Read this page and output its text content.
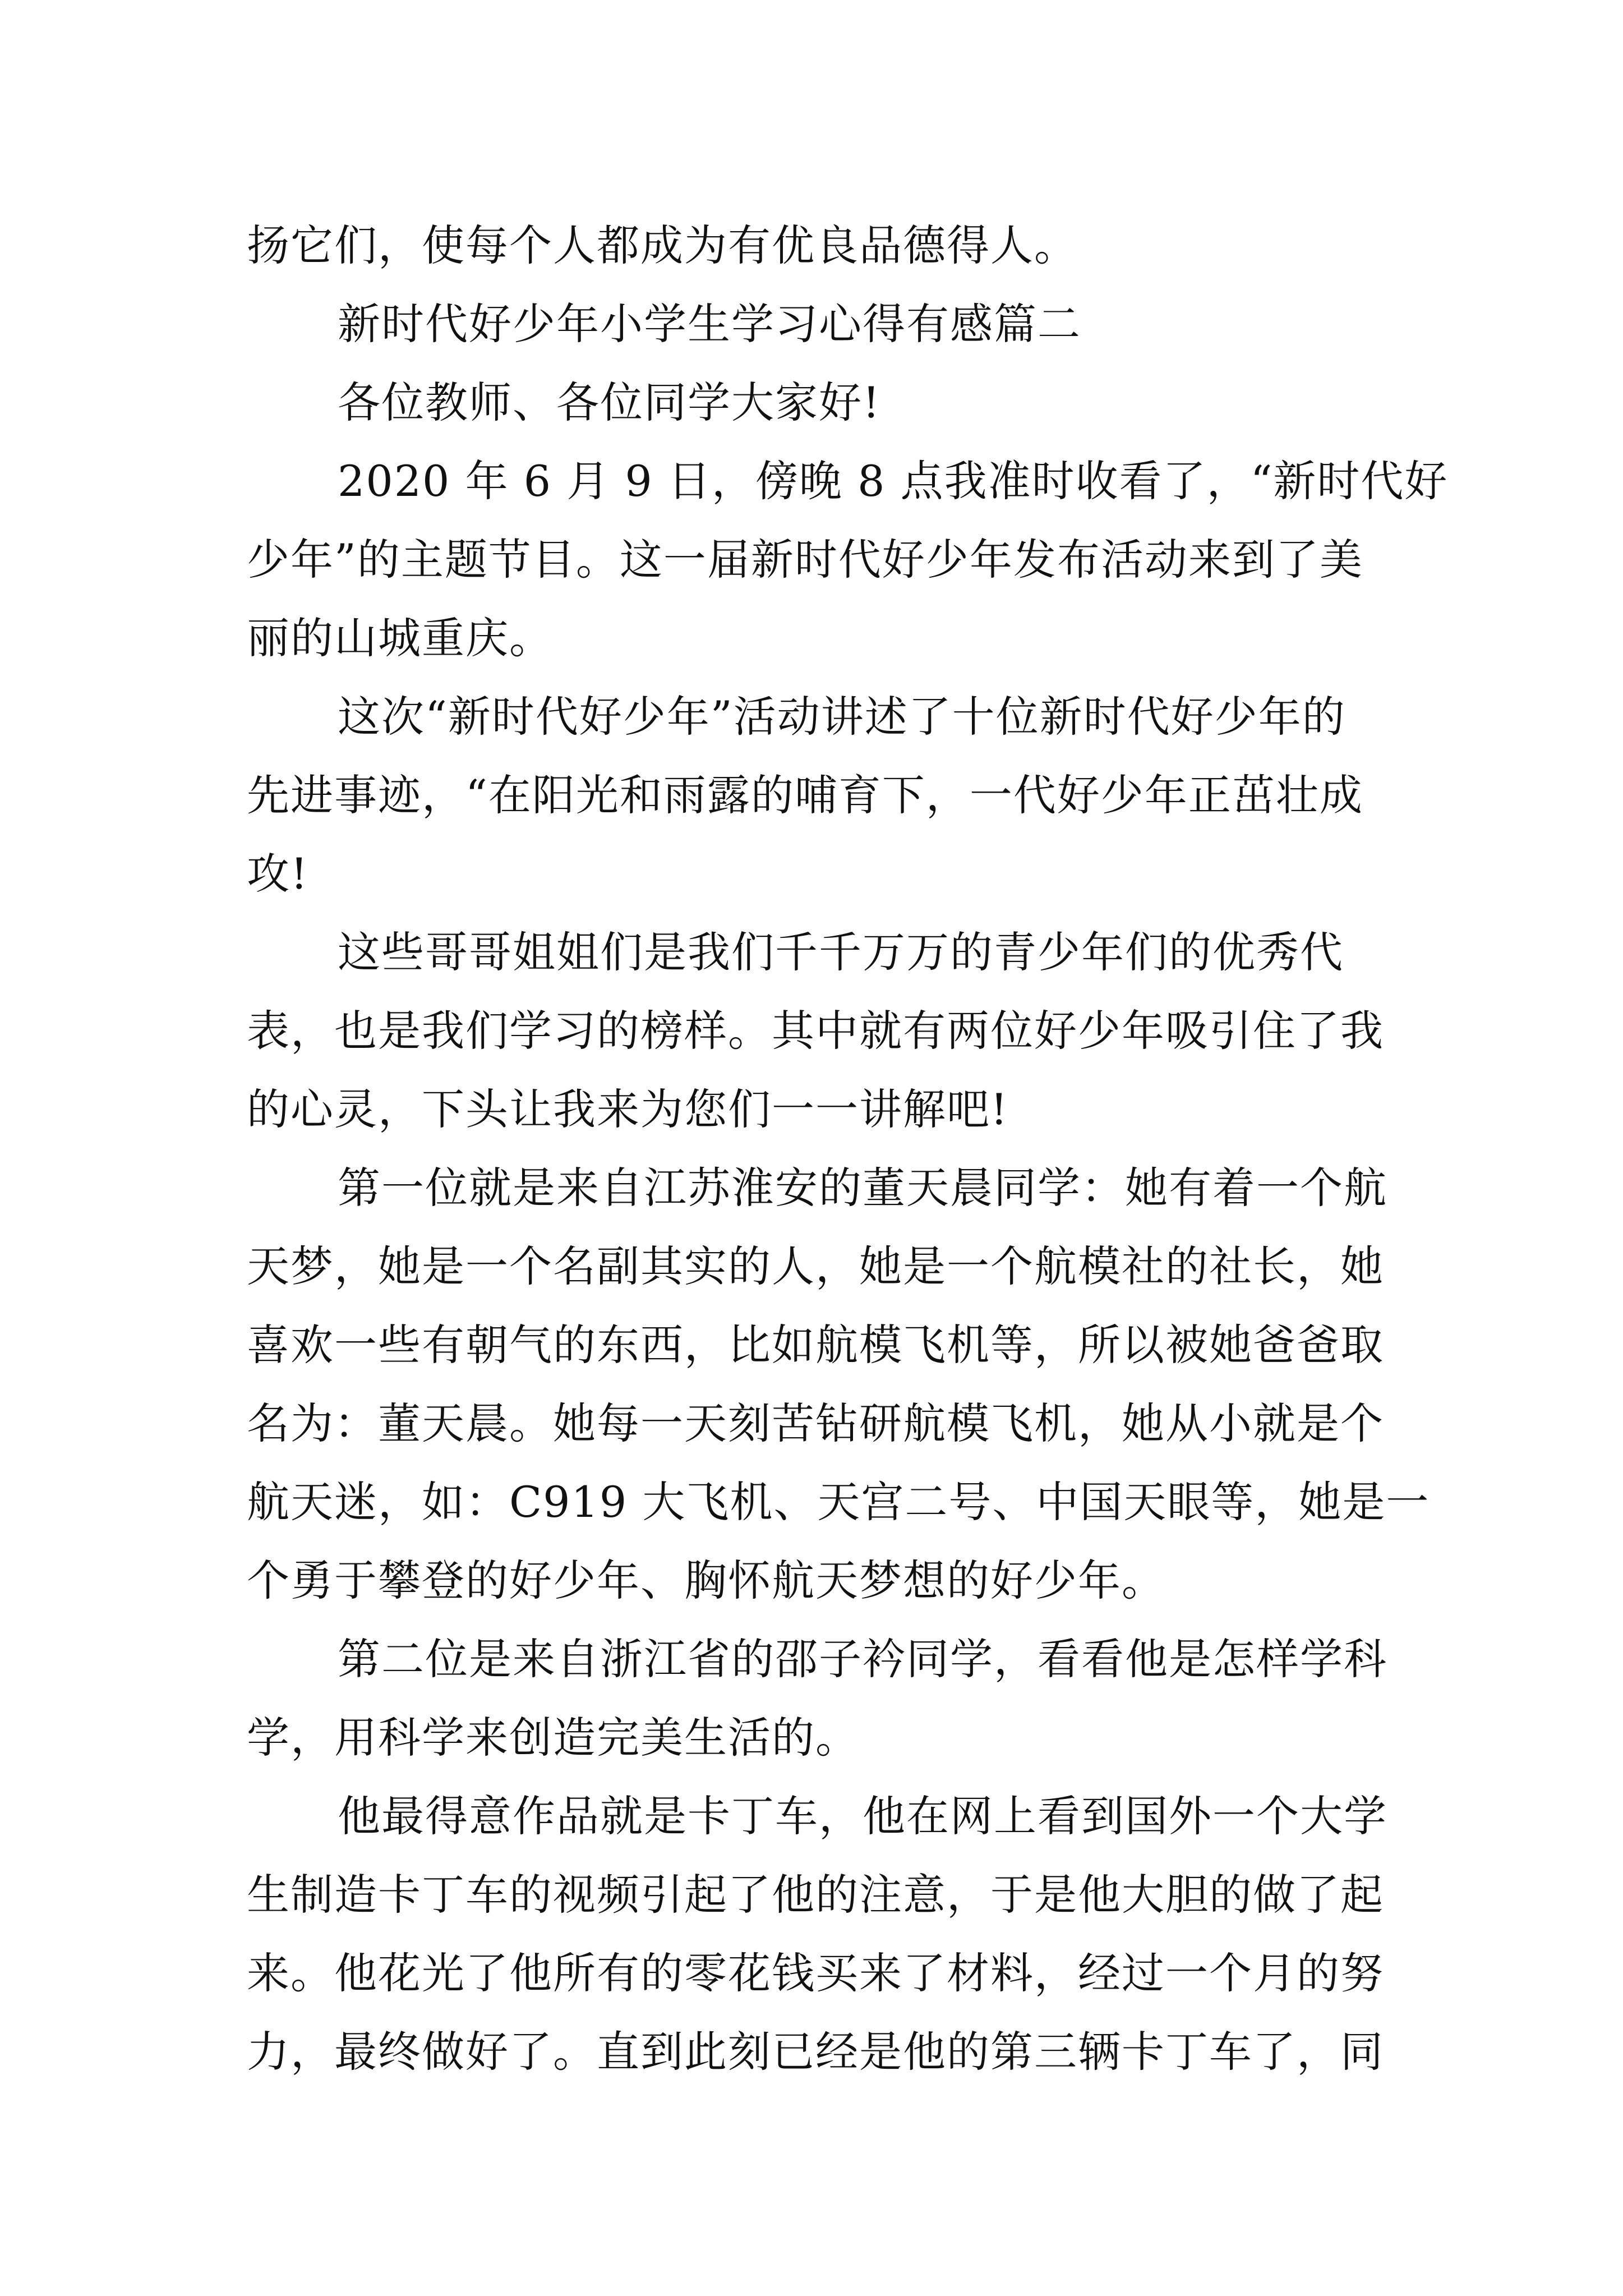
扬它们，使每个人都成为有优良品德得人。
新时代好少年小学生学习心得有感篇二
各位教师、各位同学大家好!
2020 年 6 月 9 日，傍晚 8 点我准时收看了，“新时代好
少年”的主题节目。这一届新时代好少年发布活动来到了美
丽的山城重庆。
这次“新时代好少年”活动讲述了十位新时代好少年的
先进事迹，“在阳光和雨露的哺育下，一代好少年正茁壮成
攻!
这些哥哥姐姐们是我们千千万万的青少年们的优秀代
表，也是我们学习的榜样。其中就有两位好少年吸引住了我
的心灵，下头让我来为您们一一讲解吧!
第一位就是来自江苏淮安的董天晨同学：她有着一个航
天梦，她是一个名副其实的人，她是一个航模社的社长，她
喜欢一些有朝气的东西，比如航模飞机等，所以被她爸爸取
名为：董天晨。她每一天刻苦钻研航模飞机，她从小就是个
航天迷，如：C919 大飞机、天宫二号、中国天眼等，她是一
个勇于攀登的好少年、胸怀航天梦想的好少年。
第二位是来自浙江省的邵子衿同学，看看他是怎样学科
学，用科学来创造完美生活的。
他最得意作品就是卡丁车，他在网上看到国外一个大学
生制造卡丁车的视频引起了他的注意，于是他大胆的做了起
来。他花光了他所有的零花钱买来了材料，经过一个月的努
力，最终做好了。直到此刻已经是他的第三辆卡丁车了，同
